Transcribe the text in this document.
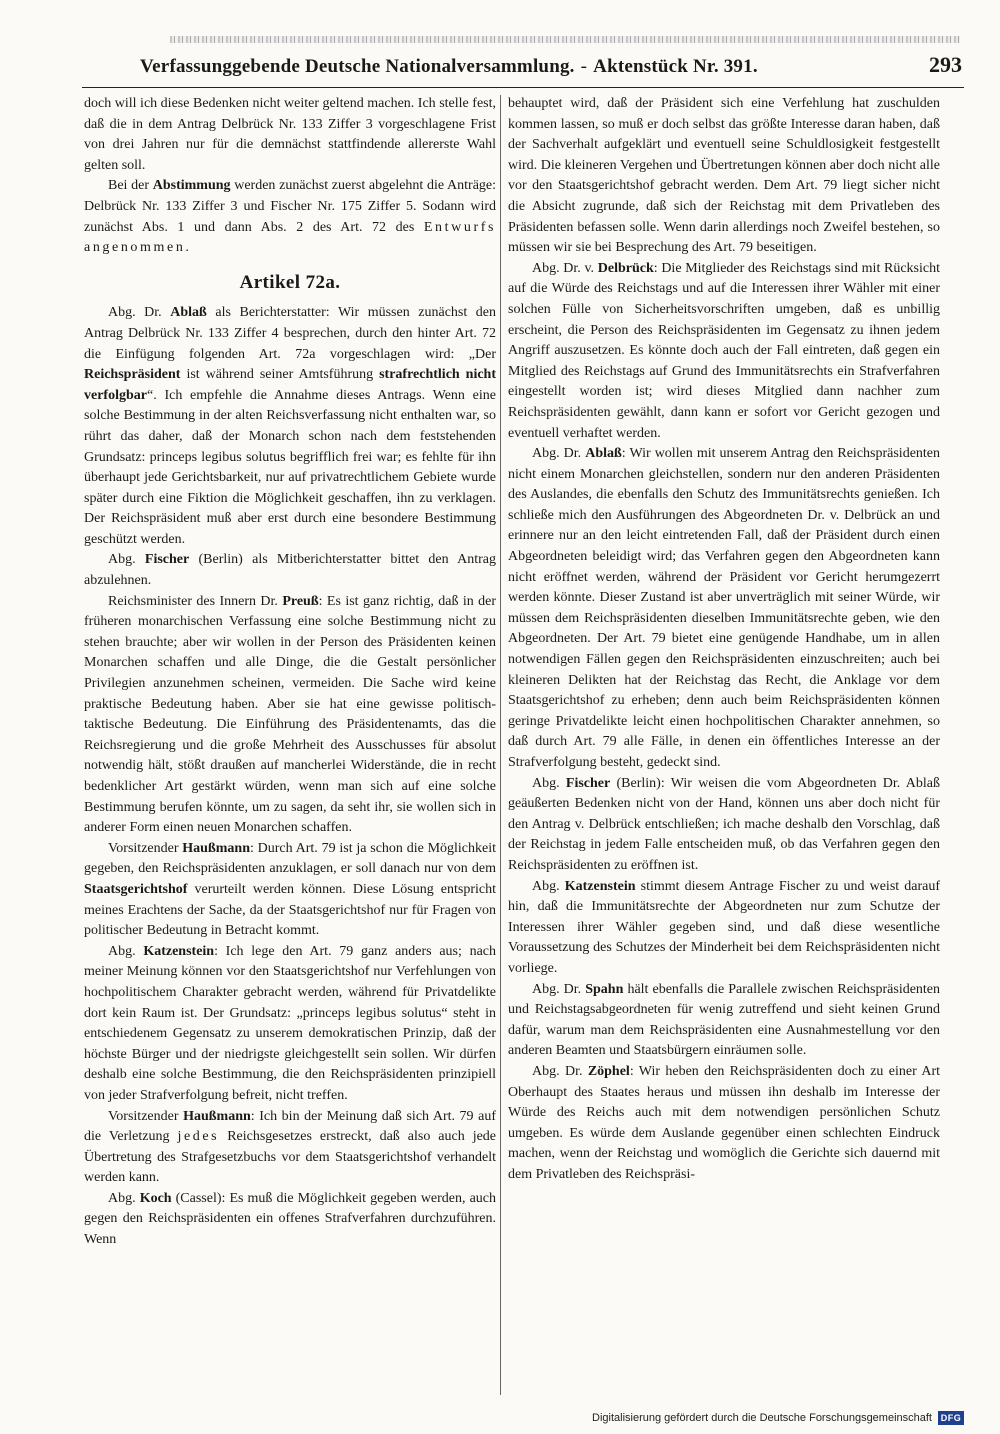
Verfassunggebende Deutsche Nationalversammlung. - Aktenstück Nr. 391.	293

doch will ich diese Bedenken nicht weiter geltend machen. Ich stelle fest, daß die in dem Antrag Delbrück Nr. 133 Ziffer 3 vorgeschlagene Frist von drei Jahren nur für die demnächst stattfindende allererste Wahl gelten soll.

Bei der Abstimmung werden zunächst zuerst abgelehnt die Anträge: Delbrück Nr. 133 Ziffer 3 und Fischer Nr. 175 Ziffer 5. Sodann wird zunächst Abs. 1 und dann Abs. 2 des Art. 72 des Entwurfs angenommen.

Artikel 72a.

Abg. Dr. Ablaß als Berichterstatter: Wir müssen zunächst den Antrag Delbrück Nr. 133 Ziffer 4 besprechen, durch den hinter Art. 72 die Einfügung folgenden Art. 72a vorgeschlagen wird: „Der Reichspräsident ist während seiner Amtsführung strafrechtlich nicht verfolgbar“. Ich empfehle die Annahme dieses Antrags. Wenn eine solche Bestimmung in der alten Reichsverfassung nicht enthalten war, so rührt das daher, daß der Monarch schon nach dem feststehenden Grundsatz: princeps legibus solutus begrifflich frei war; es fehlte für ihn überhaupt jede Gerichtsbarkeit, nur auf privatrechtlichem Gebiete wurde später durch eine Fiktion die Möglichkeit geschaffen, ihn zu verklagen. Der Reichspräsident muß aber erst durch eine besondere Bestimmung geschützt werden.

Abg. Fischer (Berlin) als Mitberichterstatter bittet den Antrag abzulehnen.

Reichsminister des Innern Dr. Preuß: Es ist ganz richtig, daß in der früheren monarchischen Verfassung eine solche Bestimmung nicht zu stehen brauchte; aber wir wollen in der Person des Präsidenten keinen Monarchen schaffen und alle Dinge, die die Gestalt persönlicher Privilegien anzunehmen scheinen, vermeiden. Die Sache wird keine praktische Bedeutung haben. Aber sie hat eine gewisse politisch-taktische Bedeutung. Die Einführung des Präsidentenamts, das die Reichsregierung und die große Mehrheit des Ausschusses für absolut notwendig hält, stößt draußen auf mancherlei Widerstände, die in recht bedenklicher Art gestärkt würden, wenn man sich auf eine solche Bestimmung berufen könnte, um zu sagen, da seht ihr, sie wollen sich in anderer Form einen neuen Monarchen schaffen.

Vorsitzender Haußmann: Durch Art. 79 ist ja schon die Möglichkeit gegeben, den Reichspräsidenten anzuklagen, er soll danach nur von dem Staatsgerichtshof verurteilt werden können. Diese Lösung entspricht meines Erachtens der Sache, da der Staatsgerichtshof nur für Fragen von politischer Bedeutung in Betracht kommt.

Abg. Katzenstein: Ich lege den Art. 79 ganz anders aus; nach meiner Meinung können vor den Staatsgerichtshof nur Verfehlungen von hochpolitischem Charakter gebracht werden, während für Privatdelikte dort kein Raum ist. Der Grundsatz: „princeps legibus solutus“ steht in entschiedenem Gegensatz zu unserem demokratischen Prinzip, daß der höchste Bürger und der niedrigste gleichgestellt sein sollen. Wir dürfen deshalb eine solche Bestimmung, die den Reichspräsidenten prinzipiell von jeder Strafverfolgung befreit, nicht treffen.

Vorsitzender Haußmann: Ich bin der Meinung daß sich Art. 79 auf die Verletzung jedes Reichsgesetzes erstreckt, daß also auch jede Übertretung des Strafgesetzbuchs vor dem Staatsgerichtshof verhandelt werden kann.

Abg. Koch (Cassel): Es muß die Möglichkeit gegeben werden, auch gegen den Reichspräsidenten ein offenes Strafverfahren durchzuführen. Wenn

behauptet wird, daß der Präsident sich eine Verfehlung hat zuschulden kommen lassen, so muß er doch selbst das größte Interesse daran haben, daß der Sachverhalt aufgeklärt und eventuell seine Schuldlosigkeit festgestellt wird. Die kleineren Vergehen und Übertretungen können aber doch nicht alle vor den Staatsgerichtshof gebracht werden. Dem Art. 79 liegt sicher nicht die Absicht zugrunde, daß sich der Reichstag mit dem Privatleben des Präsidenten befassen solle. Wenn darin allerdings noch Zweifel bestehen, so müssen wir sie bei Besprechung des Art. 79 beseitigen.

Abg. Dr. v. Delbrück: Die Mitglieder des Reichstags sind mit Rücksicht auf die Würde des Reichstags und auf die Interessen ihrer Wähler mit einer solchen Fülle von Sicherheitsvorschriften umgeben, daß es unbillig erscheint, die Person des Reichspräsidenten im Gegensatz zu ihnen jedem Angriff auszusetzen. Es könnte doch auch der Fall eintreten, daß gegen ein Mitglied des Reichstags auf Grund des Immunitätsrechts ein Strafverfahren eingestellt worden ist; wird dieses Mitglied dann nachher zum Reichspräsidenten gewählt, dann kann er sofort vor Gericht gezogen und eventuell verhaftet werden.

Abg. Dr. Ablaß: Wir wollen mit unserem Antrag den Reichspräsidenten nicht einem Monarchen gleichstellen, sondern nur den anderen Präsidenten des Auslandes, die ebenfalls den Schutz des Immunitätsrechts genießen. Ich schließe mich den Ausführungen des Abgeordneten Dr. v. Delbrück an und erinnere nur an den leicht eintretenden Fall, daß der Präsident durch einen Abgeordneten beleidigt wird; das Verfahren gegen den Abgeordneten kann nicht eröffnet werden, während der Präsident vor Gericht herumgezerrt werden könnte. Dieser Zustand ist aber unverträglich mit seiner Würde, wir müssen dem Reichspräsidenten dieselben Immunitätsrechte geben, wie den Abgeordneten. Der Art. 79 bietet eine genügende Handhabe, um in allen notwendigen Fällen gegen den Reichspräsidenten einzuschreiten; auch bei kleineren Delikten hat der Reichstag das Recht, die Anklage vor dem Staatsgerichtshof zu erheben; denn auch beim Reichspräsidenten können geringe Privatdelikte leicht einen hochpolitischen Charakter annehmen, so daß durch Art. 79 alle Fälle, in denen ein öffentliches Interesse an der Strafverfolgung besteht, gedeckt sind.

Abg. Fischer (Berlin): Wir weisen die vom Abgeordneten Dr. Ablaß geäußerten Bedenken nicht von der Hand, können uns aber doch nicht für den Antrag v. Delbrück entschließen; ich mache deshalb den Vorschlag, daß der Reichstag in jedem Falle entscheiden muß, ob das Verfahren gegen den Reichspräsidenten zu eröffnen ist.

Abg. Katzenstein stimmt diesem Antrage Fischer zu und weist darauf hin, daß die Immunitätsrechte der Abgeordneten nur zum Schutze der Interessen ihrer Wähler gegeben sind, und daß diese wesentliche Voraussetzung des Schutzes der Minderheit bei dem Reichspräsidenten nicht vorliege.

Abg. Dr. Spahn hält ebenfalls die Parallele zwischen Reichspräsidenten und Reichstagsabgeordneten für wenig zutreffend und sieht keinen Grund dafür, warum man dem Reichspräsidenten eine Ausnahmestellung vor den anderen Beamten und Staatsbürgern einräumen solle.

Abg. Dr. Zöphel: Wir heben den Reichspräsidenten doch zu einer Art Oberhaupt des Staates heraus und müssen ihn deshalb im Interesse der Würde des Reichs auch mit dem notwendigen persönlichen Schutz umgeben. Es würde dem Auslande gegenüber einen schlechten Eindruck machen, wenn der Reichstag und womöglich die Gerichte sich dauernd mit dem Privatleben des Reichspräsi-

Digitalisierung gefördert durch die Deutsche Forschungsgemeinschaft DFG
